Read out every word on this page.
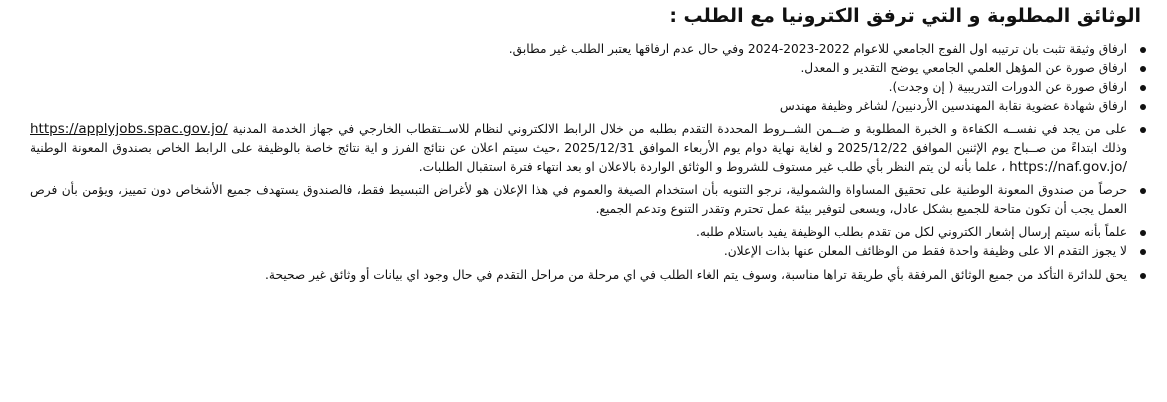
الوثائق المطلوبة و التي ترفق الكترونيا مع الطلب :
ارفاق وثيقة تثبت بان ترتيبه اول الفوج الجامعي للاعوام 2022-2023-2024 وفي حال عدم ارفاقها يعتبر الطلب غير مطابق.
ارفاق صورة عن المؤهل العلمي الجامعي يوضح التقدير و المعدل.
ارفاق صورة عن الدورات التدريبية ( إن وجدت).
ارفاق شهادة عضوية نقابة المهندسين الأردنيين/ لشاغر وظيفة مهندس
على من يجد في نفســه الكفاءة و الخبرة المطلوبة و ضــمن الشــروط المحددة التقدم بطلبه من خلال الرابط الالكتروني لنظام للاســتقطاب الخارجي في جهاز الخدمة المدنية https://applyjobs.spac.gov.jo/ وذلك ابتداءً من صــباح يوم الإثنين الموافق 2025/12/22 و لغاية نهاية دوام يوم الأربعاء الموافق 2025/12/31 ،حيث سيتم اعلان عن نتائج الفرز و اية نتائج خاصة بالوظيفة على الرابط الخاص بصندوق المعونة الوطنية https://naf.gov.jo/ ، علما بأنه لن يتم النظر بأي طلب غير مستوف للشروط و الوثائق الواردة بالاعلان او بعد انتهاء فترة استقبال الطلبات.
حرصاً من صندوق المعونة الوطنية على تحقيق المساواة والشمولية، نرجو التنويه بأن استخدام الصيغة والعموم في هذا الإعلان هو لأغراض التبسيط فقط، فالصندوق يستهدف جميع الأشخاص دون تمييز، ويؤمن بأن فرص العمل يجب أن تكون متاحة للجميع بشكل عادل، ويسعى لتوفير بيئة عمل تحترم وتقدر التنوع وتدعم الجميع.
علماً بأنه سيتم إرسال إشعار الكتروني لكل من تقدم بطلب الوظيفة يفيد باستلام طلبه.
لا يجوز التقدم الا على وظيفة واحدة فقط من الوظائف المعلن عنها بذات الإعلان.
يحق للدائرة التأكد من جميع الوثائق المرفقة بأي طريقة تراها مناسبة، وسوف يتم الغاء الطلب في اي مرحلة من مراحل التقدم في حال وجود اي بيانات أو وثائق غير صحيحة.
